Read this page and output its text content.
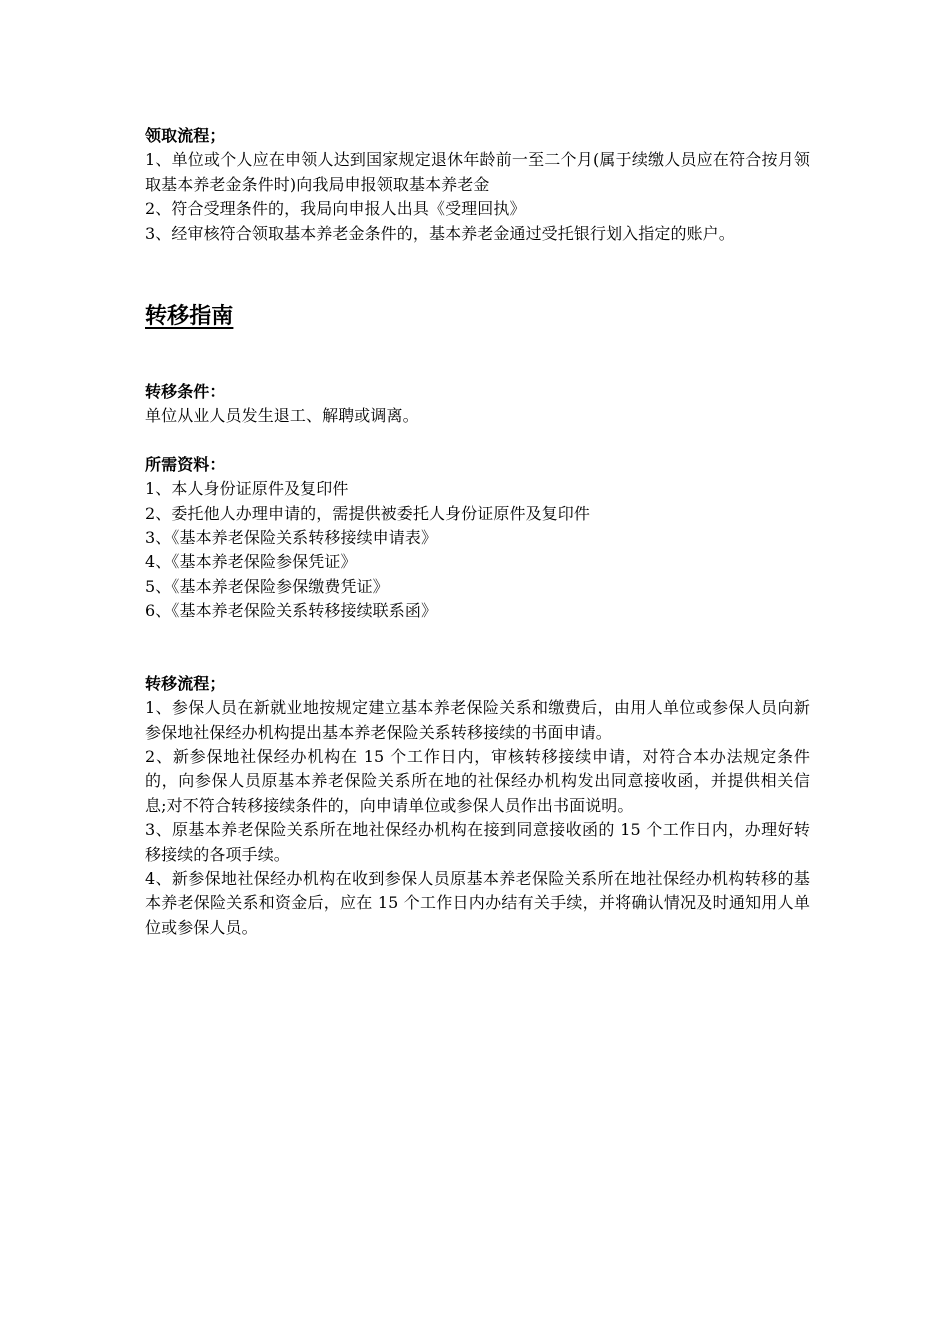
领取流程；

1、单位或个人应在申领人达到国家规定退休年龄前一至二个月(属于续缴人员应在符合按月领取基本养老金条件时)向我局申报领取基本养老金

2、符合受理条件的，我局向申报人出具《受理回执》

3、经审核符合领取基本养老金条件的，基本养老金通过受托银行划入指定的账户。

转移指南
转移条件：

单位从业人员发生退工、解聘或调离。

所需资料：

1、本人身份证原件及复印件

2、委托他人办理申请的，需提供被委托人身份证原件及复印件

3、《基本养老保险关系转移接续申请表》

4、《基本养老保险参保凭证》

5、《基本养老保险参保缴费凭证》

6、《基本养老保险关系转移接续联系函》

转移流程；

1、参保人员在新就业地按规定建立基本养老保险关系和缴费后，由用人单位或参保人员向新参保地社保经办机构提出基本养老保险关系转移接续的书面申请。

2、新参保地社保经办机构在 15 个工作日内，审核转移接续申请，对符合本办法规定条件的，向参保人员原基本养老保险关系所在地的社保经办机构发出同意接收函，并提供相关信息;对不符合转移接续条件的，向申请单位或参保人员作出书面说明。

3、原基本养老保险关系所在地社保经办机构在接到同意接收函的 15 个工作日内，办理好转移接续的各项手续。

4、新参保地社保经办机构在收到参保人员原基本养老保险关系所在地社保经办机构转移的基本养老保险关系和资金后，应在 15 个工作日内办结有关手续，并将确认情况及时通知用人单位或参保人员。
